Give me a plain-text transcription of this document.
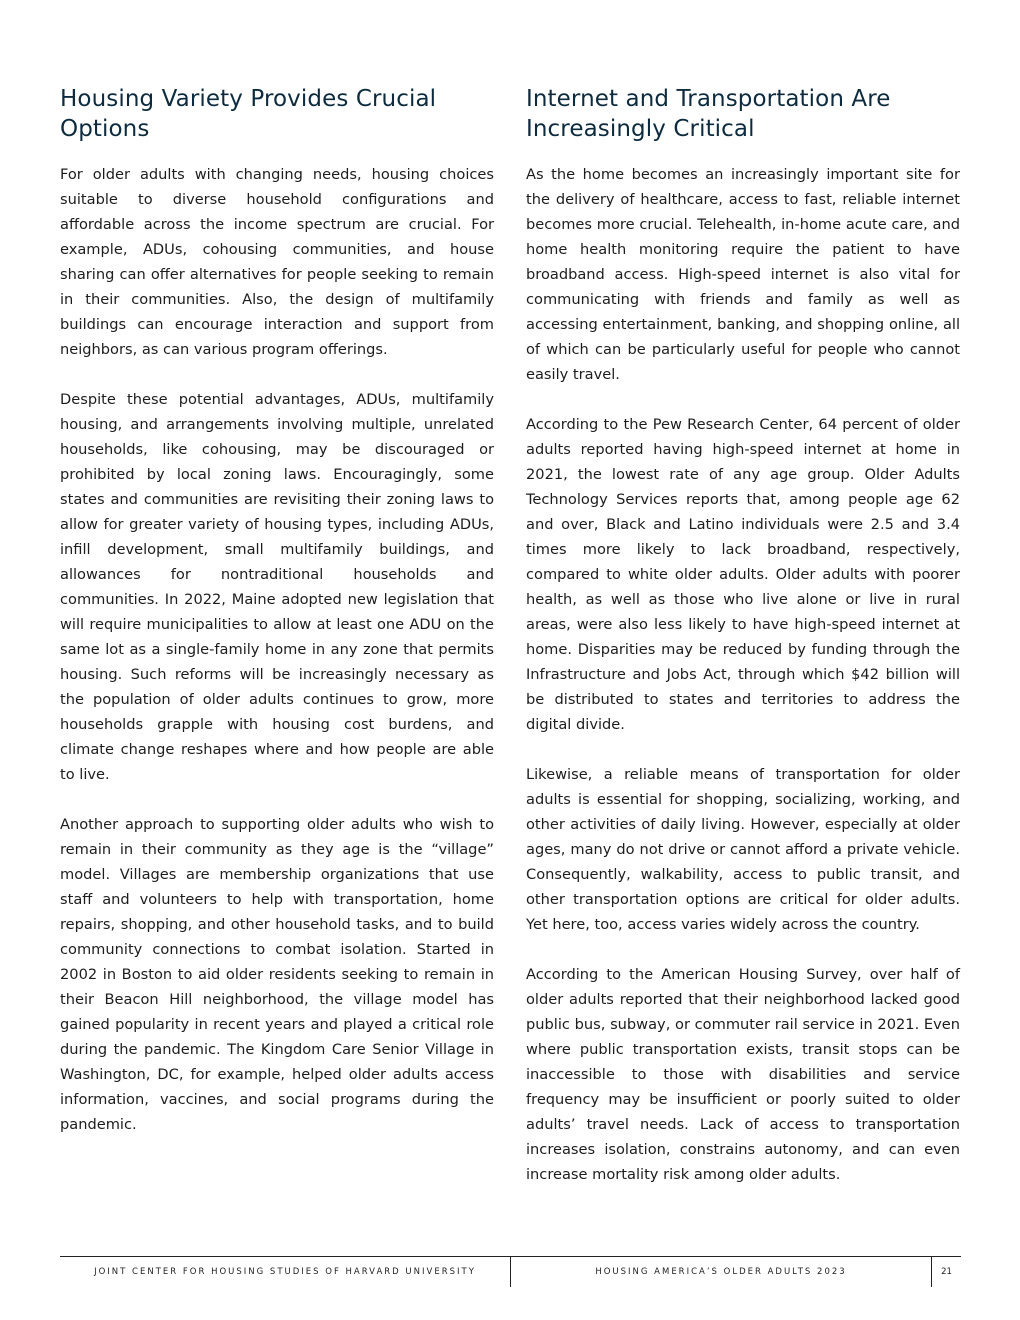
Housing Variety Provides Crucial Options

For older adults with changing needs, housing choices suitable to diverse household configurations and affordable across the income spectrum are crucial. For example, ADUs, cohousing communities, and house sharing can offer alternatives for people seeking to remain in their communities. Also, the design of multifamily buildings can encourage interaction and support from neighbors, as can various program offerings.

Despite these potential advantages, ADUs, multifamily housing, and arrangements involving multiple, unrelated households, like cohousing, may be discouraged or prohibited by local zoning laws. Encouragingly, some states and communities are revisiting their zoning laws to allow for greater variety of housing types, including ADUs, infill development, small multifamily buildings, and allowances for nontraditional households and communities. In 2022, Maine adopted new legislation that will require municipalities to allow at least one ADU on the same lot as a single-family home in any zone that permits housing. Such reforms will be increasingly necessary as the population of older adults continues to grow, more households grapple with housing cost burdens, and climate change reshapes where and how people are able to live.

Another approach to supporting older adults who wish to remain in their community as they age is the “village” model. Villages are membership organizations that use staff and volunteers to help with transportation, home repairs, shopping, and other household tasks, and to build community connections to combat isolation. Started in 2002 in Boston to aid older residents seeking to remain in their Beacon Hill neighborhood, the village model has gained popularity in recent years and played a critical role during the pandemic. The Kingdom Care Senior Village in Washington, DC, for example, helped older adults access information, vaccines, and social programs during the pandemic.

Internet and Transportation Are Increasingly Critical

As the home becomes an increasingly important site for the delivery of healthcare, access to fast, reliable internet becomes more crucial. Telehealth, in-home acute care, and home health monitoring require the patient to have broadband access. High-speed internet is also vital for communicating with friends and family as well as accessing entertainment, banking, and shopping online, all of which can be particularly useful for people who cannot easily travel.

According to the Pew Research Center, 64 percent of older adults reported having high-speed internet at home in 2021, the lowest rate of any age group. Older Adults Technology Services reports that, among people age 62 and over, Black and Latino individuals were 2.5 and 3.4 times more likely to lack broadband, respectively, compared to white older adults. Older adults with poorer health, as well as those who live alone or live in rural areas, were also less likely to have high-speed internet at home. Disparities may be reduced by funding through the Infrastructure and Jobs Act, through which $42 billion will be distributed to states and territories to address the digital divide.

Likewise, a reliable means of transportation for older adults is essential for shopping, socializing, working, and other activities of daily living. However, especially at older ages, many do not drive or cannot afford a private vehicle. Consequently, walkability, access to public transit, and other transportation options are critical for older adults. Yet here, too, access varies widely across the country.

According to the American Housing Survey, over half of older adults reported that their neighborhood lacked good public bus, subway, or commuter rail service in 2021. Even where public transportation exists, transit stops can be inaccessible to those with disabilities and service frequency may be insufficient or poorly suited to older adults’ travel needs. Lack of access to transportation increases isolation, constrains autonomy, and can even increase mortality risk among older adults.

JOINT CENTER FOR HOUSING STUDIES OF HARVARD UNIVERSITY	HOUSING AMERICA’S OLDER ADULTS 2023	21
